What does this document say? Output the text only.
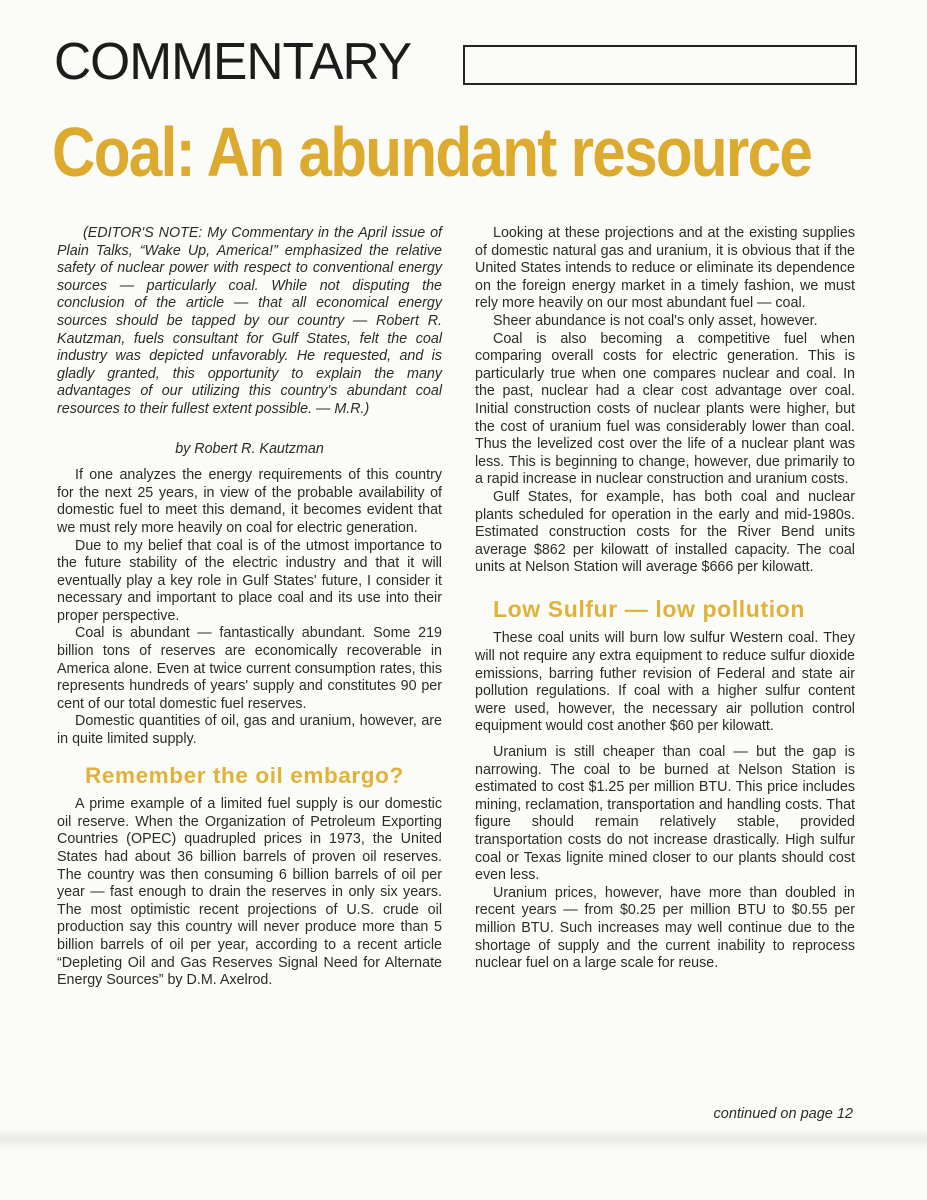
COMMENTARY
Coal: An abundant resource

(EDITOR'S NOTE: My Commentary in the April issue of Plain Talks, “Wake Up, America!” emphasized the relative safety of nuclear power with respect to conventional energy sources — particularly coal. While not disputing the conclusion of the article — that all economical energy sources should be tapped by our country — Robert R. Kautzman, fuels consultant for Gulf States, felt the coal industry was depicted unfavorably. He requested, and is gladly granted, this opportunity to explain the many advantages of our utilizing this country's abundant coal resources to their fullest extent possible. — M.R.)

by Robert R. Kautzman

If one analyzes the energy requirements of this country for the next 25 years, in view of the probable availability of domestic fuel to meet this demand, it becomes evident that we must rely more heavily on coal for electric generation.

Due to my belief that coal is of the utmost importance to the future stability of the electric industry and that it will eventually play a key role in Gulf States' future, I consider it necessary and important to place coal and its use into their proper perspective.

Coal is abundant — fantastically abundant. Some 219 billion tons of reserves are economically recoverable in America alone. Even at twice current consumption rates, this represents hundreds of years' supply and constitutes 90 per cent of our total domestic fuel reserves.

Domestic quantities of oil, gas and uranium, however, are in quite limited supply.

Remember the oil embargo?

A prime example of a limited fuel supply is our domestic oil reserve. When the Organization of Petroleum Exporting Countries (OPEC) quadrupled prices in 1973, the United States had about 36 billion barrels of proven oil reserves. The country was then consuming 6 billion barrels of oil per year — fast enough to drain the reserves in only six years. The most optimistic recent projections of U.S. crude oil production say this country will never produce more than 5 billion barrels of oil per year, according to a recent article “Depleting Oil and Gas Reserves Signal Need for Alternate Energy Sources” by D.M. Axelrod.

Looking at these projections and at the existing supplies of domestic natural gas and uranium, it is obvious that if the United States intends to reduce or eliminate its dependence on the foreign energy market in a timely fashion, we must rely more heavily on our most abundant fuel — coal.

Sheer abundance is not coal's only asset, however.

Coal is also becoming a competitive fuel when comparing overall costs for electric generation. This is particularly true when one compares nuclear and coal. In the past, nuclear had a clear cost advantage over coal. Initial construction costs of nuclear plants were higher, but the cost of uranium fuel was considerably lower than coal. Thus the levelized cost over the life of a nuclear plant was less. This is beginning to change, however, due primarily to a rapid increase in nuclear construction and uranium costs.

Gulf States, for example, has both coal and nuclear plants scheduled for operation in the early and mid-1980s. Estimated construction costs for the River Bend units average $862 per kilowatt of installed capacity. The coal units at Nelson Station will average $666 per kilowatt.

Low Sulfur — low pollution

These coal units will burn low sulfur Western coal. They will not require any extra equipment to reduce sulfur dioxide emissions, barring futher revision of Federal and state air pollution regulations. If coal with a higher sulfur content were used, however, the necessary air pollution control equipment would cost another $60 per kilowatt.

Uranium is still cheaper than coal — but the gap is narrowing. The coal to be burned at Nelson Station is estimated to cost $1.25 per million BTU. This price includes mining, reclamation, transportation and handling costs. That figure should remain relatively stable, provided transportation costs do not increase drastically. High sulfur coal or Texas lignite mined closer to our plants should cost even less.

Uranium prices, however, have more than doubled in recent years — from $0.25 per million BTU to $0.55 per million BTU. Such increases may well continue due to the shortage of supply and the current inability to reprocess nuclear fuel on a large scale for reuse.

continued on page 12
